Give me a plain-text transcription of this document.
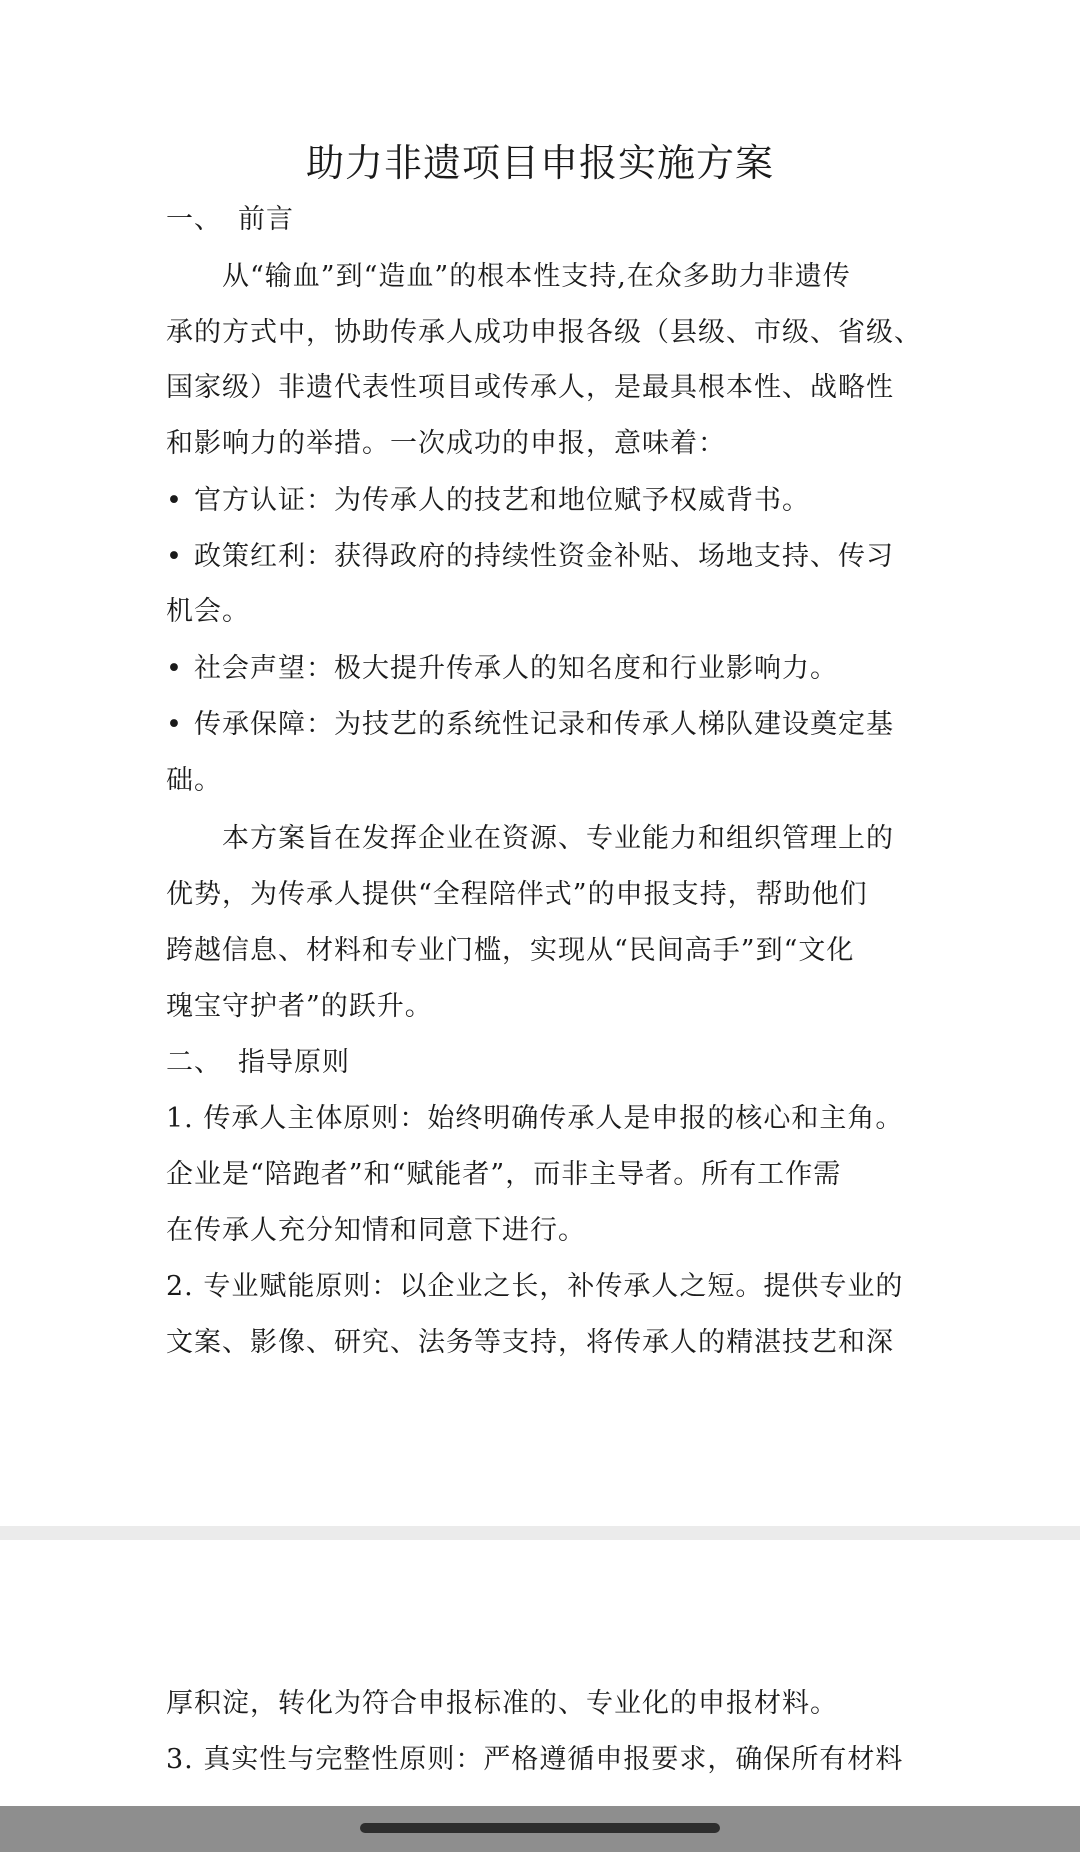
助力非遗项目申报实施方案
一、 前言
从“输血”到“造血”的根本性支持,在众多助力非遗传
承的方式中，协助传承人成功申报各级（县级、市级、省级、
国家级）非遗代表性项目或传承人，是最具根本性、战略性
和影响力的举措。一次成功的申报，意味着：
• 官方认证：为传承人的技艺和地位赋予权威背书。
• 政策红利：获得政府的持续性资金补贴、场地支持、传习
机会。
• 社会声望：极大提升传承人的知名度和行业影响力。
• 传承保障：为技艺的系统性记录和传承人梯队建设奠定基
础。
本方案旨在发挥企业在资源、专业能力和组织管理上的
优势，为传承人提供“全程陪伴式”的申报支持，帮助他们
跨越信息、材料和专业门槛，实现从“民间高手”到“文化
瑰宝守护者”的跃升。
二、 指导原则
1. 传承人主体原则：始终明确传承人是申报的核心和主角。
企业是“陪跑者”和“赋能者”，而非主导者。所有工作需
在传承人充分知情和同意下进行。
2. 专业赋能原则：以企业之长，补传承人之短。提供专业的
文案、影像、研究、法务等支持，将传承人的精湛技艺和深
厚积淀，转化为符合申报标准的、专业化的申报材料。
3. 真实性与完整性原则：严格遵循申报要求，确保所有材料
